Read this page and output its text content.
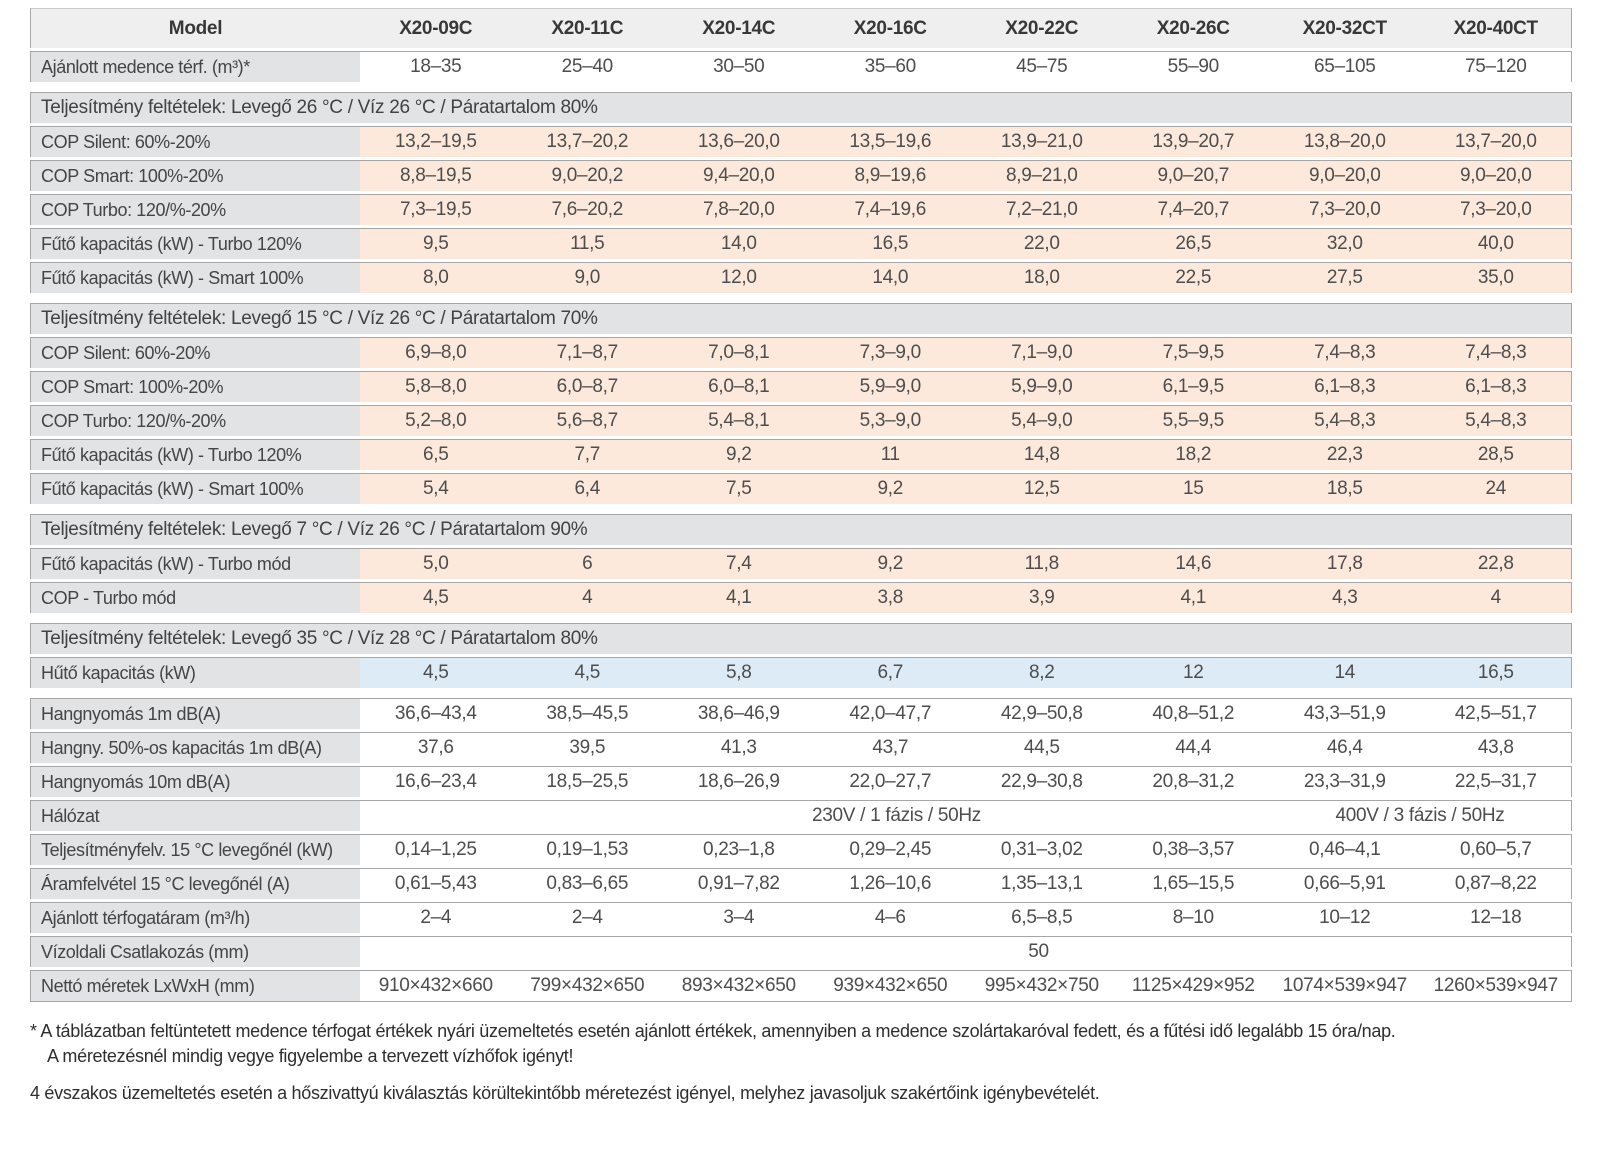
Model	X20-09C	X20-11C	X20-14C	X20-16C	X20-22C	X20-26C	X20-32CT	X20-40CT
Ajánlott medence térf. (m³)*	18–35	25–40	30–50	35–60	45–75	55–90	65–105	75–120

Teljesítmény feltételek: Levegő 26 °C / Víz 26 °C / Páratartalom 80%								
COP Silent: 60%-20%	13,2–19,5	13,7–20,2	13,6–20,0	13,5–19,6	13,9–21,0	13,9–20,7	13,8–20,0	13,7–20,0
COP Smart: 100%-20%	8,8–19,5	9,0–20,2	9,4–20,0	8,9–19,6	8,9–21,0	9,0–20,7	9,0–20,0	9,0–20,0
COP Turbo: 120/%-20%	7,3–19,5	7,6–20,2	7,8–20,0	7,4–19,6	7,2–21,0	7,4–20,7	7,3–20,0	7,3–20,0
Fűtő kapacitás (kW) - Turbo 120%	9,5	11,5	14,0	16,5	22,0	26,5	32,0	40,0
Fűtő kapacitás (kW) - Smart 100%	8,0	9,0	12,0	14,0	18,0	22,5	27,5	35,0

Teljesítmény feltételek: Levegő 15 °C / Víz 26 °C / Páratartalom 70%								
COP Silent: 60%-20%	6,9–8,0	7,1–8,7	7,0–8,1	7,3–9,0	7,1–9,0	7,5–9,5	7,4–8,3	7,4–8,3
COP Smart: 100%-20%	5,8–8,0	6,0–8,7	6,0–8,1	5,9–9,0	5,9–9,0	6,1–9,5	6,1–8,3	6,1–8,3
COP Turbo: 120/%-20%	5,2–8,0	5,6–8,7	5,4–8,1	5,3–9,0	5,4–9,0	5,5–9,5	5,4–8,3	5,4–8,3
Fűtő kapacitás (kW) - Turbo 120%	6,5	7,7	9,2	11	14,8	18,2	22,3	28,5
Fűtő kapacitás (kW) - Smart 100%	5,4	6,4	7,5	9,2	12,5	15	18,5	24

Teljesítmény feltételek: Levegő 7 °C / Víz 26 °C / Páratartalom 90%								
Fűtő kapacitás (kW) - Turbo mód	5,0	6	7,4	9,2	11,8	14,6	17,8	22,8
COP - Turbo mód	4,5	4	4,1	3,8	3,9	4,1	4,3	4

Teljesítmény feltételek: Levegő 35 °C / Víz 28 °C / Páratartalom 80%								
Hűtő kapacitás (kW)	4,5	4,5	5,8	6,7	8,2	12	14	16,5

Hangnyomás 1m dB(A)	36,6–43,4	38,5–45,5	38,6–46,9	42,0–47,7	42,9–50,8	40,8–51,2	43,3–51,9	42,5–51,7
Hangny. 50%-os kapacitás 1m dB(A)	37,6	39,5	41,3	43,7	44,5	44,4	46,4	43,8
Hangnyomás 10m dB(A)	16,6–23,4	18,5–25,5	18,6–26,9	22,0–27,7	22,9–30,8	20,8–31,2	23,3–31,9	22,5–31,7
Hálózat	230V / 1 fázis / 50Hz						400V / 3 fázis / 50Hz	
Teljesítményfelv. 15 °C levegőnél (kW)	0,14–1,25	0,19–1,53	0,23–1,8	0,29–2,45	0,31–3,02	0,38–3,57	0,46–4,1	0,60–5,7
Áramfelvétel 15 °C levegőnél (A)	0,61–5,43	0,83–6,65	0,91–7,82	1,26–10,6	1,35–13,1	1,65–15,5	0,66–5,91	0,87–8,22
Ajánlott térfogatáram (m³/h)	2–4	2–4	3–4	4–6	6,5–8,5	8–10	10–12	12–18
Vízoldali Csatlakozás (mm)	50							
Nettó méretek LxWxH (mm)	910×432×660	799×432×650	893×432×650	939×432×650	995×432×750	1125×429×952	1074×539×947	1260×539×947

* A táblázatban feltüntetett medence térfogat értékek nyári üzemeltetés esetén ajánlott értékek, amennyiben a medence szolártakaróval fedett, és a fűtési idő legalább 15 óra/nap. A méretezésnél mindig vegye figyelembe a tervezett vízhőfok igényt!

4 évszakos üzemeltetés esetén a hőszivattyú kiválasztás körültekintőbb méretezést igényel, melyhez javasoljuk szakértőink igénybevételét.
